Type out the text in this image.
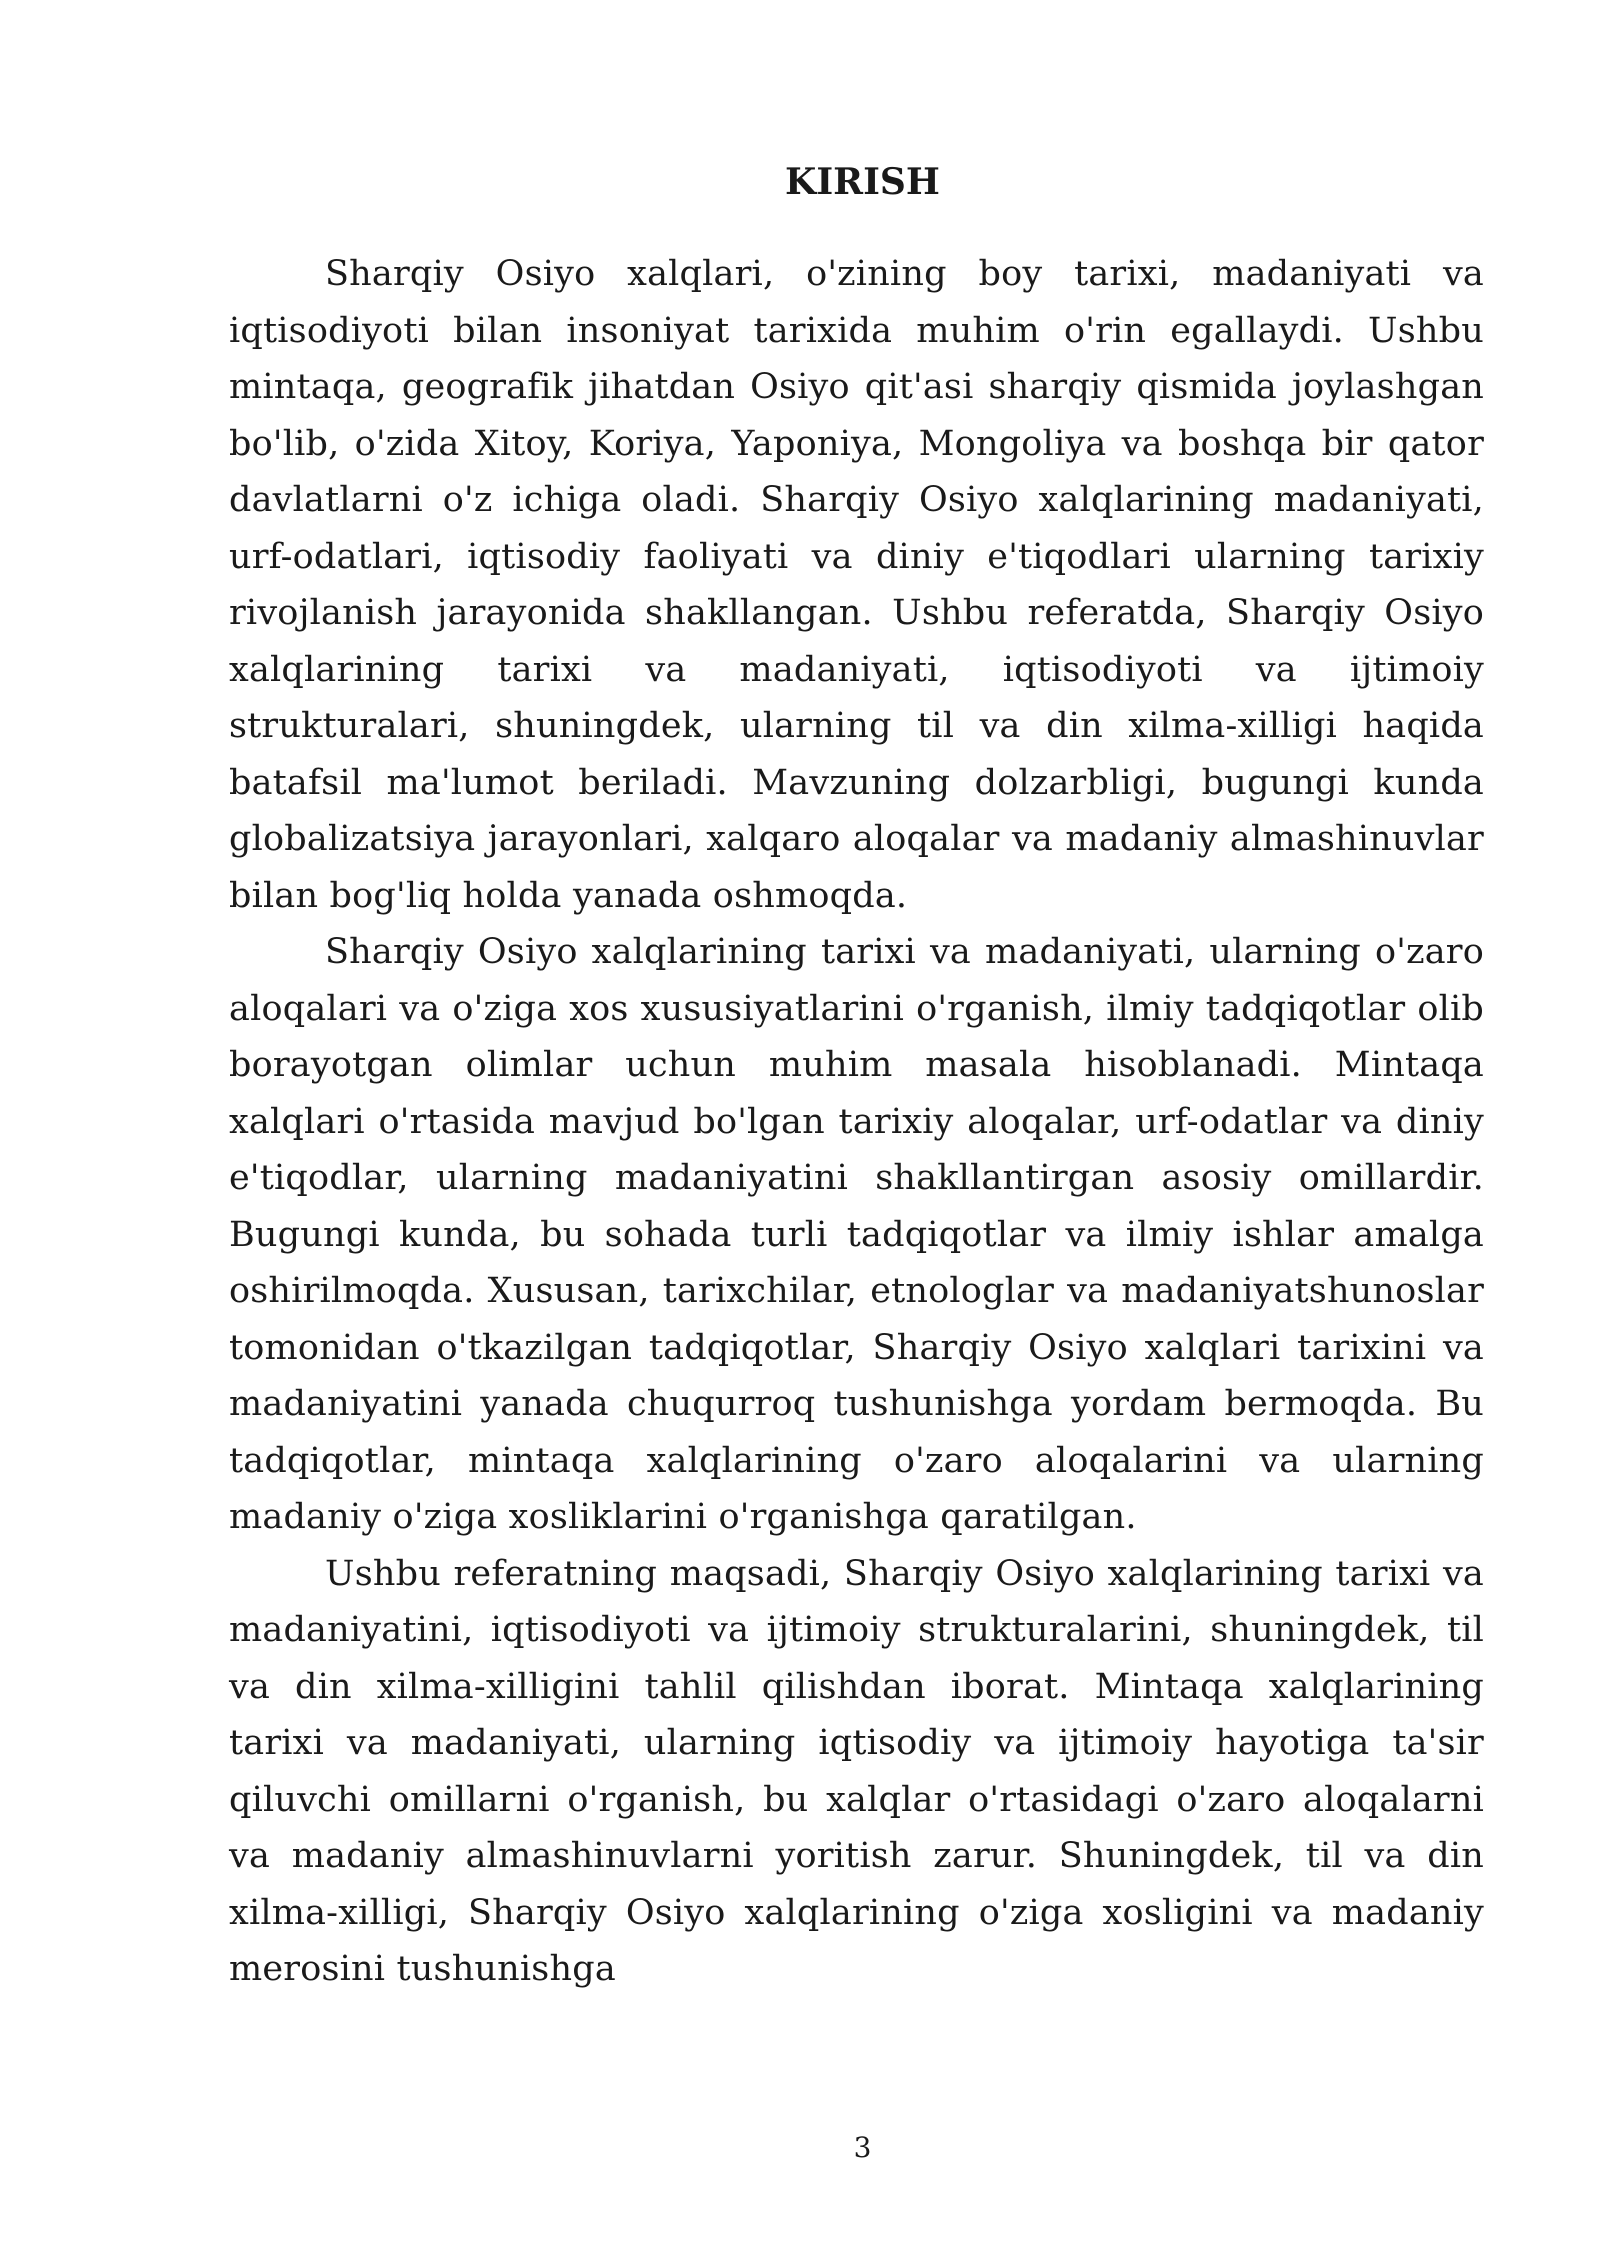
KIRISH

Sharqiy Osiyo xalqlari, o'zining boy tarixi, madaniyati va iqtisodiyoti bilan insoniyat tarixida muhim o'rin egallaydi. Ushbu mintaqa, geografik jihatdan Osiyo qit'asi sharqiy qismida joylashgan bo'lib, o'zida Xitoy, Koriya, Yaponiya, Mongoliya va boshqa bir qator davlatlarni o'z ichiga oladi. Sharqiy Osiyo xalqlarining madaniyati, urf-odatlari, iqtisodiy faoliyati va diniy e'tiqodlari ularning tarixiy rivojlanish jarayonida shakllangan. Ushbu referatda, Sharqiy Osiyo xalqlarining tarixi va madaniyati, iqtisodiyoti va ijtimoiy strukturalari, shuningdek, ularning til va din xilma-xilligi haqida batafsil ma'lumot beriladi. Mavzuning dolzarbligi, bugungi kunda globalizatsiya jarayonlari, xalqaro aloqalar va madaniy almashinuvlar bilan bog'liq holda yanada oshmoqda.

Sharqiy Osiyo xalqlarining tarixi va madaniyati, ularning o'zaro aloqalari va o'ziga xos xususiyatlarini o'rganish, ilmiy tadqiqotlar olib borayotgan olimlar uchun muhim masala hisoblanadi. Mintaqa xalqlari o'rtasida mavjud bo'lgan tarixiy aloqalar, urf-odatlar va diniy e'tiqodlar, ularning madaniyatini shakllantirgan asosiy omillardir. Bugungi kunda, bu sohada turli tadqiqotlar va ilmiy ishlar amalga oshirilmoqda. Xususan, tarixchilar, etnologlar va madaniyatshunoslar tomonidan o'tkazilgan tadqiqotlar, Sharqiy Osiyo xalqlari tarixini va madaniyatini yanada chuqurroq tushunishga yordam bermoqda. Bu tadqiqotlar, mintaqa xalqlarining o'zaro aloqalarini va ularning madaniy o'ziga xosliklarini o'rganishga qaratilgan.

Ushbu referatning maqsadi, Sharqiy Osiyo xalqlarining tarixi va madaniyatini, iqtisodiyoti va ijtimoiy strukturalarini, shuningdek, til va din xilma-xilligini tahlil qilishdan iborat. Mintaqa xalqlarining tarixi va madaniyati, ularning iqtisodiy va ijtimoiy hayotiga ta'sir qiluvchi omillarni o'rganish, bu xalqlar o'rtasidagi o'zaro aloqalarni va madaniy almashinuvlarni yoritish zarur. Shuningdek, til va din xilma-xilligi, Sharqiy Osiyo xalqlarining o'ziga xosligini va madaniy merosini tushunishga

3
